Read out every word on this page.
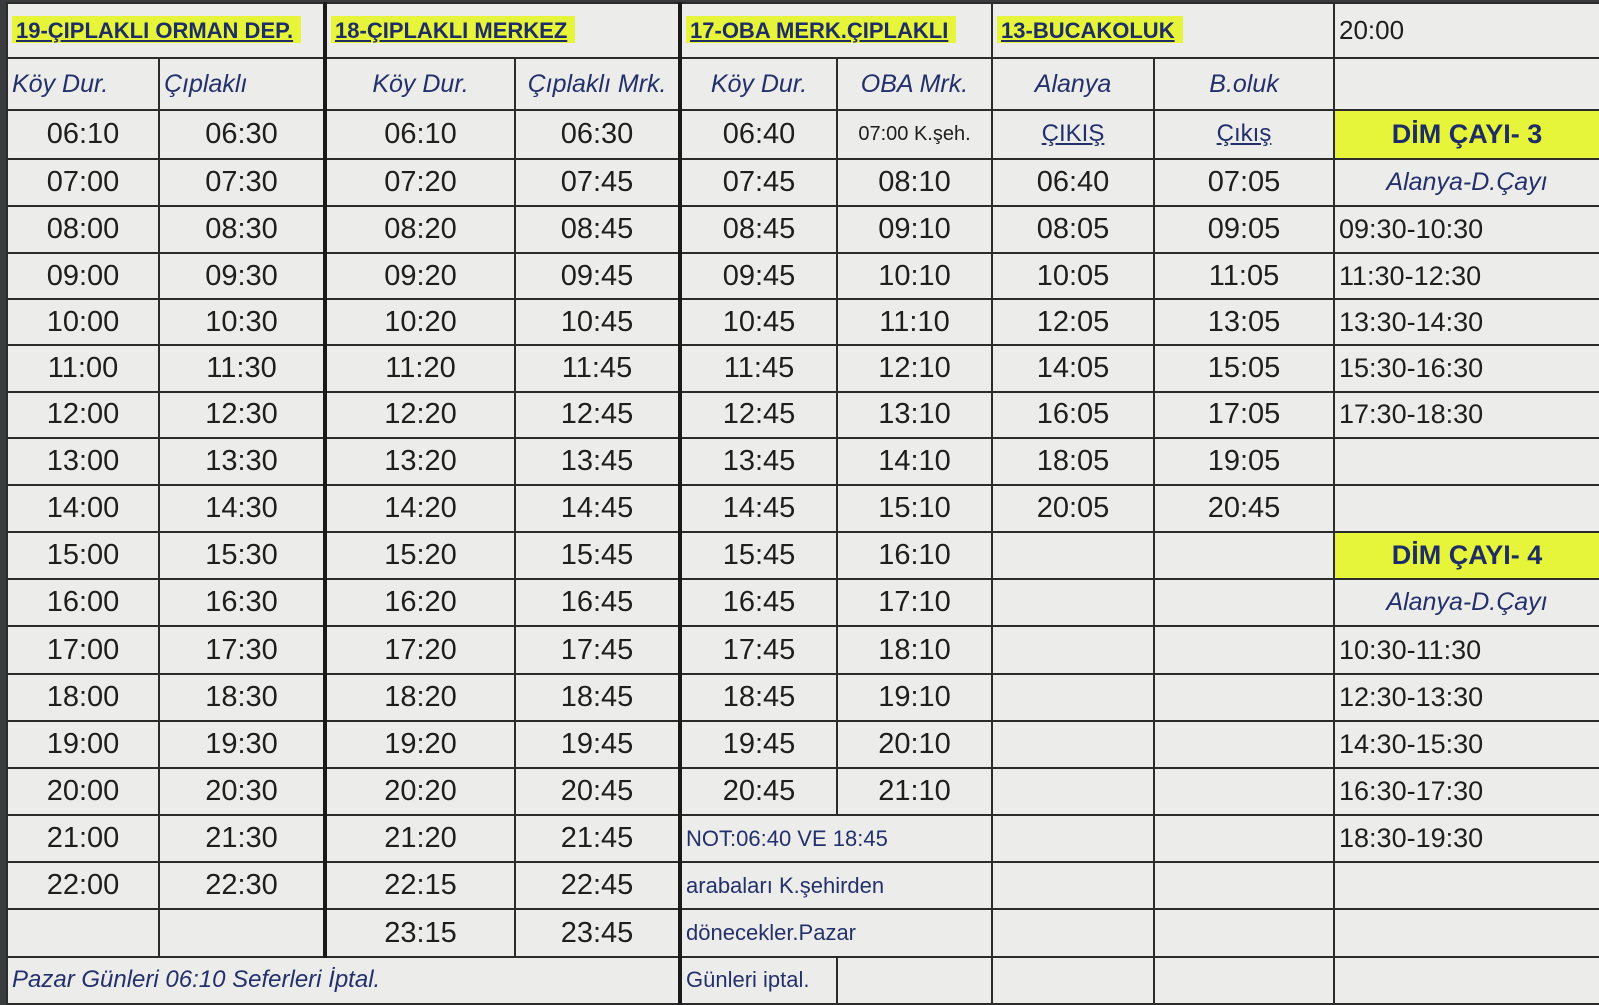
19-ÇIPLAKLI ORMAN DEP.		18-ÇIPLAKLI MERKEZ		17-OBA MERK.ÇIPLAKLI		13-BUCAKOLUK		20:00
Köy Dur.	Çıplaklı	Köy Dur.	Çıplaklı Mrk.	Köy Dur.	OBA Mrk.	Alanya	B.oluk	
06:10	06:30	06:10	06:30	06:40	07:00 K.şeh.	ÇIKIŞ	Çıkış	DİM ÇAYI- 3
07:00	07:30	07:20	07:45	07:45	08:10	06:40	07:05	Alanya-D.Çayı
08:00	08:30	08:20	08:45	08:45	09:10	08:05	09:05	09:30-10:30
09:00	09:30	09:20	09:45	09:45	10:10	10:05	11:05	11:30-12:30
10:00	10:30	10:20	10:45	10:45	11:10	12:05	13:05	13:30-14:30
11:00	11:30	11:20	11:45	11:45	12:10	14:05	15:05	15:30-16:30
12:00	12:30	12:20	12:45	12:45	13:10	16:05	17:05	17:30-18:30
13:00	13:30	13:20	13:45	13:45	14:10	18:05	19:05	
14:00	14:30	14:20	14:45	14:45	15:10	20:05	20:45	
15:00	15:30	15:20	15:45	15:45	16:10			DİM ÇAYI- 4
16:00	16:30	16:20	16:45	16:45	17:10			Alanya-D.Çayı
17:00	17:30	17:20	17:45	17:45	18:10			10:30-11:30
18:00	18:30	18:20	18:45	18:45	19:10			12:30-13:30
19:00	19:30	19:20	19:45	19:45	20:10			14:30-15:30
20:00	20:30	20:20	20:45	20:45	21:10			16:30-17:30
21:00	21:30	21:20	21:45	NOT:06:40 VE 18:45				18:30-19:30
22:00	22:30	22:15	22:45	arabaları K.şehirden				
		23:15	23:45	dönecekler.Pazar				
Pazar Günleri 06:10 Seferleri İptal.				Günleri iptal.				
